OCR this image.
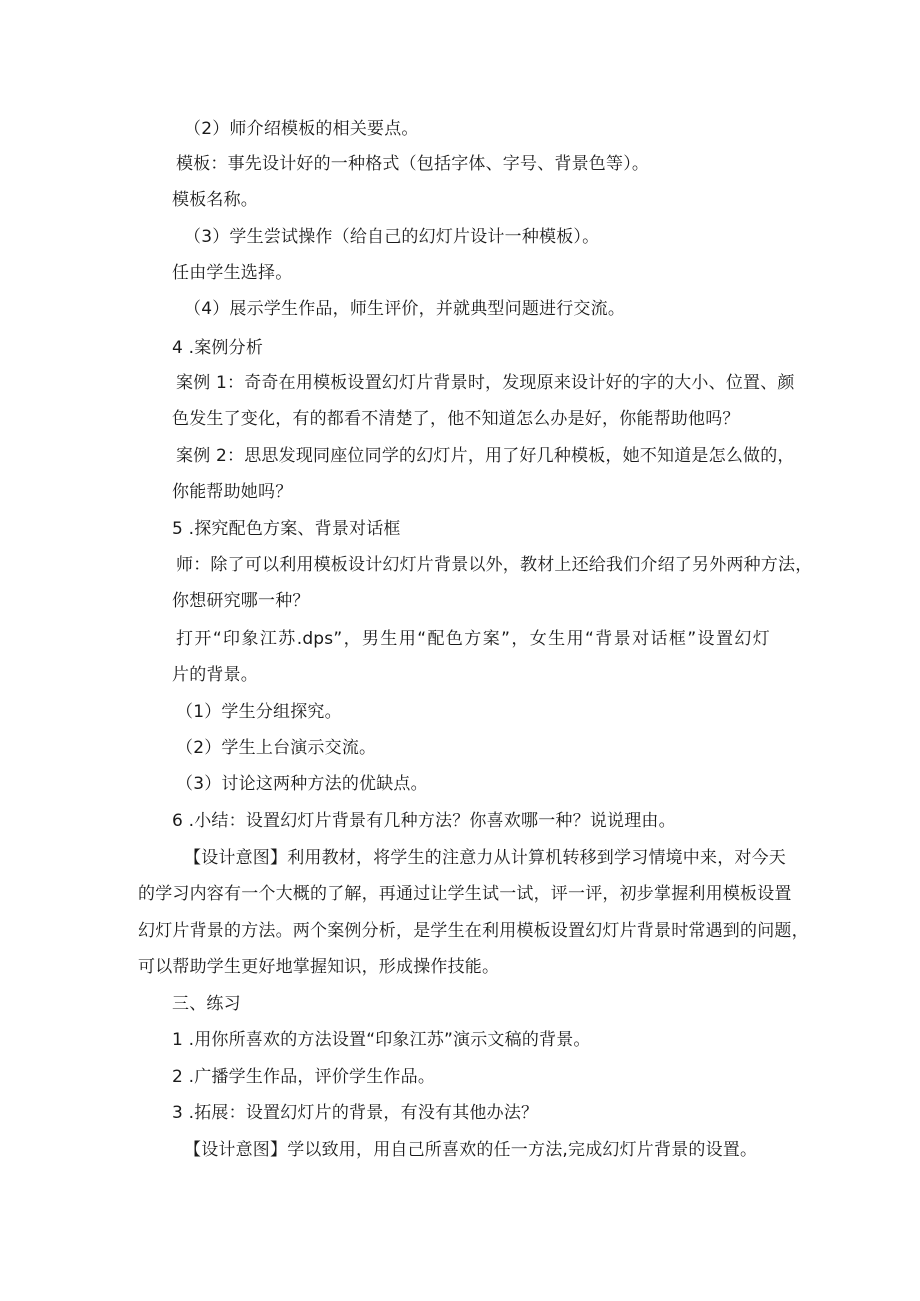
（2）师介绍模板的相关要点。
模板：事先设计好的一种格式（包括字体、字号、背景色等）。
模板名称。
（3）学生尝试操作（给自己的幻灯片设计一种模板）。
任由学生选择。
（4）展示学生作品，师生评价，并就典型问题进行交流。
4 .案例分析
案例 1：奇奇在用模板设置幻灯片背景时，发现原来设计好的字的大小、位置、颜
色发生了变化，有的都看不清楚了，他不知道怎么办是好，你能帮助他吗？
案例 2：思思发现同座位同学的幻灯片，用了好几种模板，她不知道是怎么做的，
你能帮助她吗？
5 .探究配色方案、背景对话框
师：除了可以利用模板设计幻灯片背景以外，教材上还给我们介绍了另外两种方法，
你想研究哪一种？
打开“印象江苏.dps”，男生用“配色方案”，女生用“背景对话框”设置幻灯
片的背景。
（1）学生分组探究。
（2）学生上台演示交流。
（3）讨论这两种方法的优缺点。
6 .小结：设置幻灯片背景有几种方法？你喜欢哪一种？说说理由。
【设计意图】利用教材，将学生的注意力从计算机转移到学习情境中来，对今天
的学习内容有一个大概的了解，再通过让学生试一试，评一评，初步掌握利用模板设置
幻灯片背景的方法。两个案例分析，是学生在利用模板设置幻灯片背景时常遇到的问题，
可以帮助学生更好地掌握知识，形成操作技能。
三、练习
1 .用你所喜欢的方法设置“印象江苏”演示文稿的背景。
2 .广播学生作品，评价学生作品。
3 .拓展：设置幻灯片的背景，有没有其他办法？
【设计意图】学以致用，用自己所喜欢的任一方法,完成幻灯片背景的设置。
